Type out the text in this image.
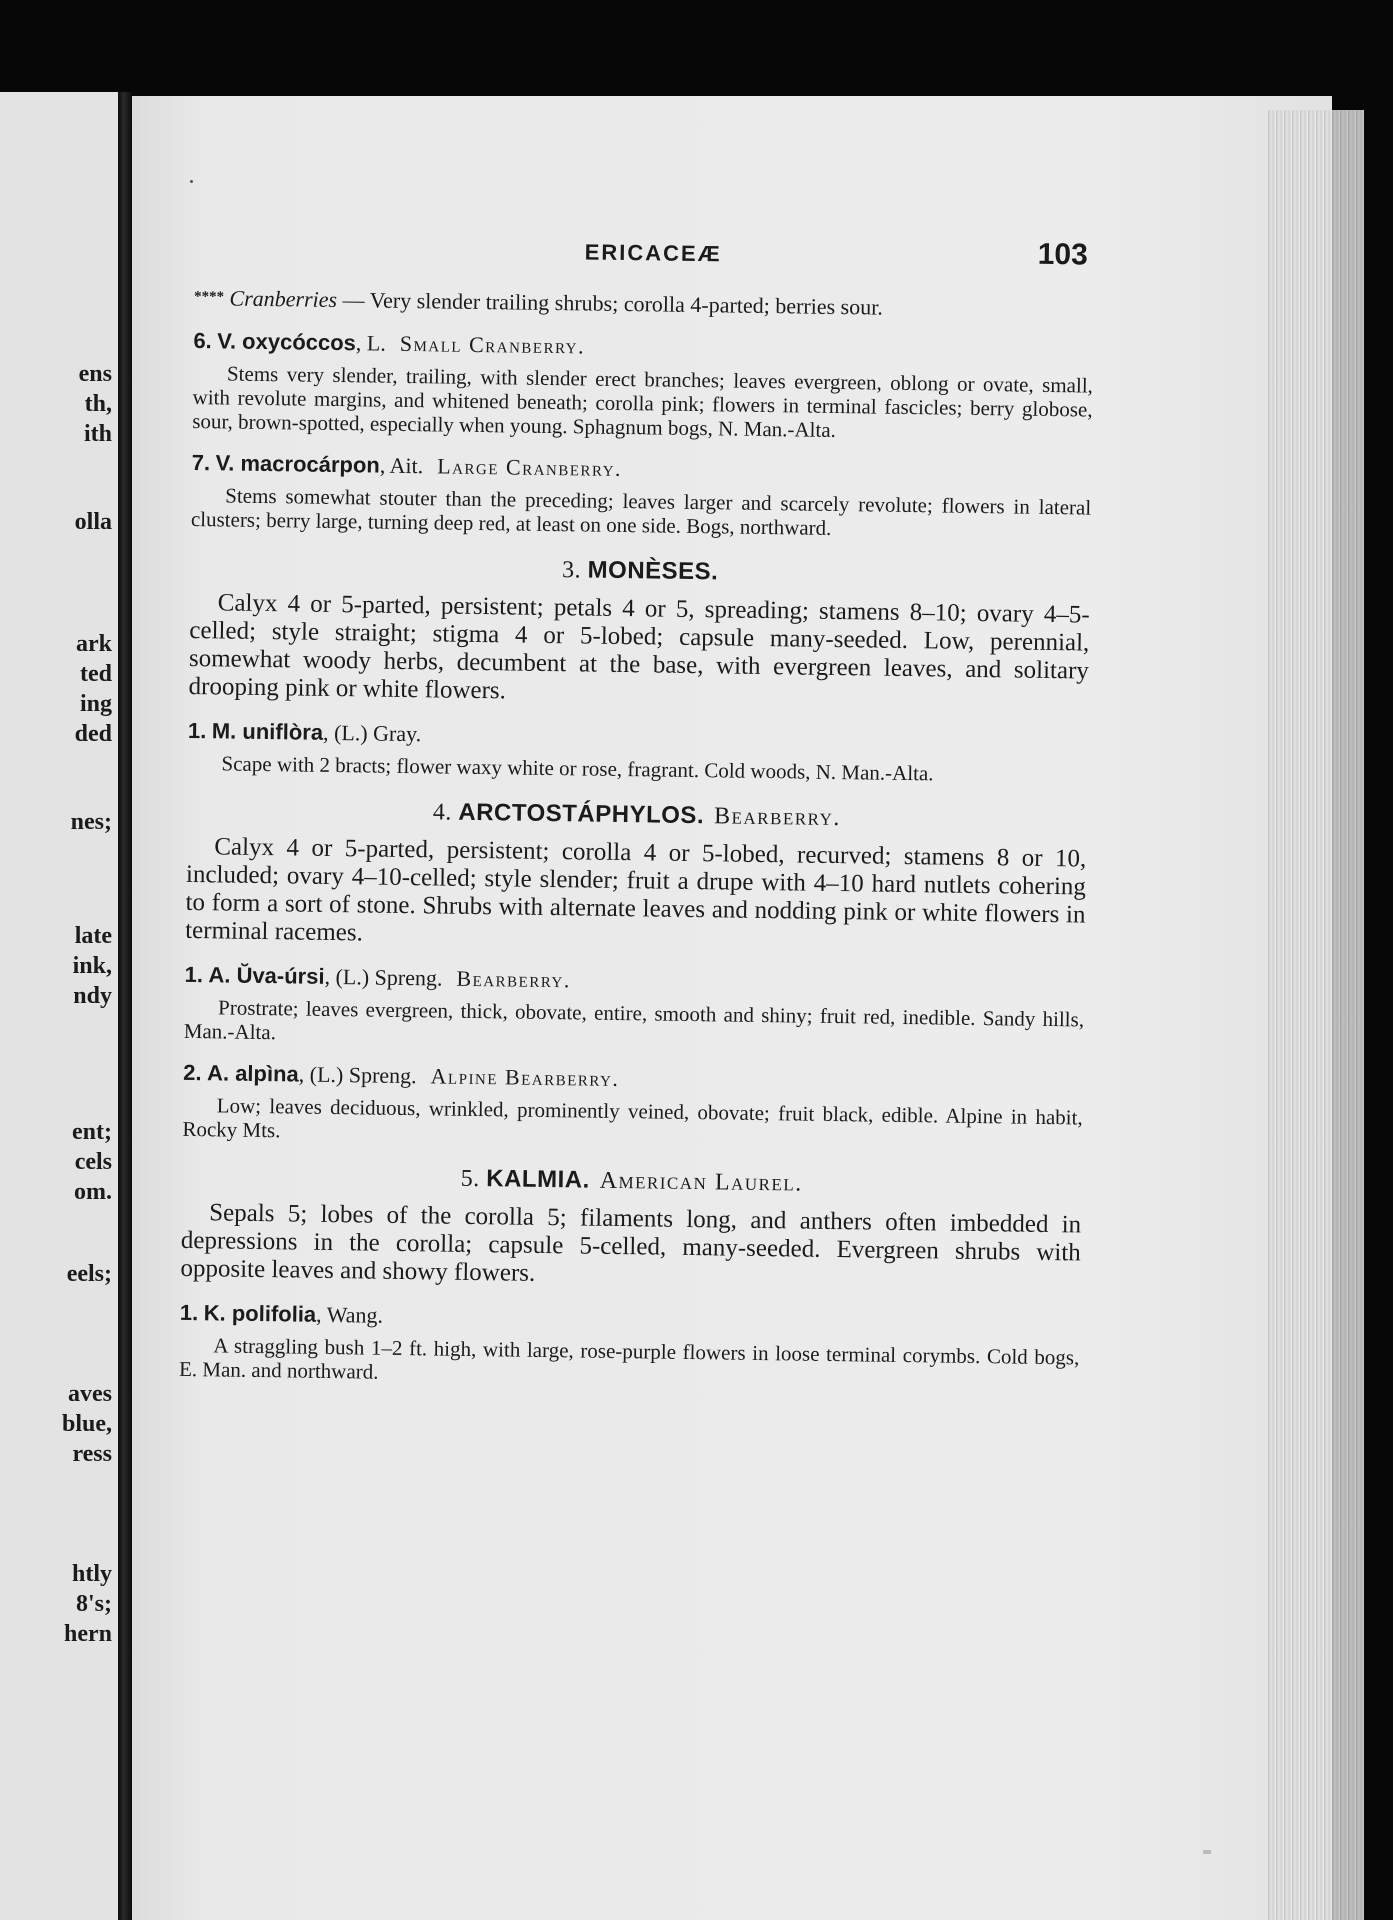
ens
th,
ith
olla
ark
ted
ing
ded
nes;
late
ink,
ndy
ent;
cels
om.
eels;
aves
blue,
ress
htly
8's;
hern
ERICACEÆ	103

**** Cranberries — Very slender trailing shrubs; corolla 4-parted; berries sour.

6. V. oxycóccos, L. Small Cranberry.

Stems very slender, trailing, with slender erect branches; leaves evergreen, oblong or ovate, small, with revolute margins, and whitened beneath; corolla pink; flowers in terminal fascicles; berry globose, sour, brown-spotted, especially when young. Sphagnum bogs, N. Man.-Alta.

7. V. macrocárpon, Ait. Large Cranberry.

Stems somewhat stouter than the preceding; leaves larger and scarcely revolute; flowers in lateral clusters; berry large, turning deep red, at least on one side. Bogs, northward.

3. MONÈSES.

Calyx 4 or 5-parted, persistent; petals 4 or 5, spreading; stamens 8–10; ovary 4–5-celled; style straight; stigma 4 or 5-lobed; capsule many-seeded. Low, perennial, somewhat woody herbs, decumbent at the base, with evergreen leaves, and solitary drooping pink or white flowers.

1. M. uniflòra, (L.) Gray.

Scape with 2 bracts; flower waxy white or rose, fragrant. Cold woods, N. Man.-Alta.

4. ARCTOSTÁPHYLOS. Bearberry.

Calyx 4 or 5-parted, persistent; corolla 4 or 5-lobed, recurved; stamens 8 or 10, included; ovary 4–10-celled; style slender; fruit a drupe with 4–10 hard nutlets cohering to form a sort of stone. Shrubs with alternate leaves and nodding pink or white flowers in terminal racemes.

1. A. Ŭva-úrsi, (L.) Spreng. Bearberry.

Prostrate; leaves evergreen, thick, obovate, entire, smooth and shiny; fruit red, inedible. Sandy hills, Man.-Alta.

2. A. alpìna, (L.) Spreng. Alpine Bearberry.

Low; leaves deciduous, wrinkled, prominently veined, obovate; fruit black, edible. Alpine in habit, Rocky Mts.

5. KALMIA. American Laurel.

Sepals 5; lobes of the corolla 5; filaments long, and anthers often imbedded in depressions in the corolla; capsule 5-celled, many-seeded. Evergreen shrubs with opposite leaves and showy flowers.

1. K. polifolia, Wang.

A straggling bush 1–2 ft. high, with large, rose-purple flowers in loose terminal corymbs. Cold bogs, E. Man. and northward.
